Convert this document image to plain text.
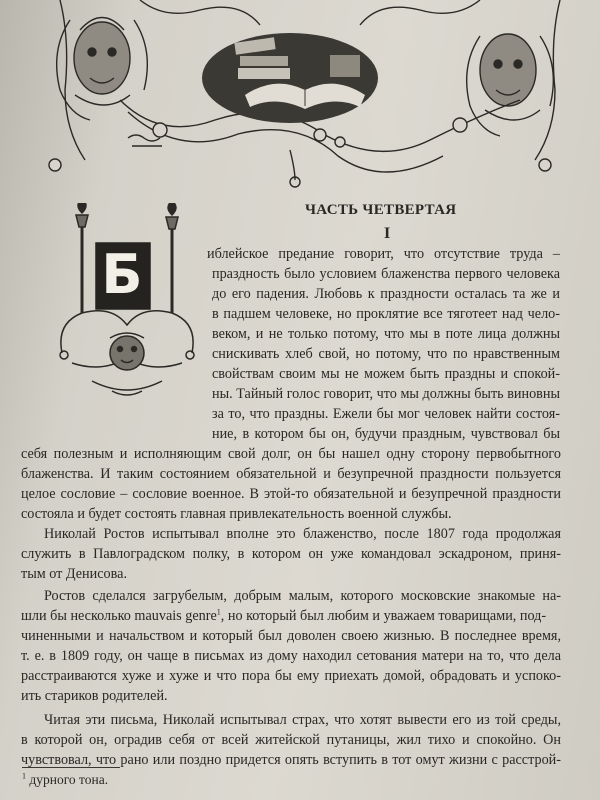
Б
ЧАСТЬ ЧЕТВЕРТАЯ
I

иблейское предание говорит, что отсутствие труда –

праздность было условием блаженства первого человека

до его падения. Любовь к праздности осталась та же и

в падшем человеке, но проклятие все тяготеет над чело-

веком, и не только потому, что мы в поте лица должны

снискивать хлеб свой, но потому, что по нравственным

свойствам своим мы не можем быть праздны и спокой-

ны. Тайный голос говорит, что мы должны быть виновны

за то, что праздны. Ежели бы мог человек найти состоя-

ние, в котором бы он, будучи праздным, чувствовал бы

себя полезным и исполняющим свой долг, он бы нашел одну сторону первобытного

блаженства. И таким состоянием обязательной и безупречной праздности пользуется

целое сословие – сословие военное. В этой-то обязательной и безупречной праздности

состояла и будет состоять главная привлекательность военной службы.

Николай Ростов испытывал вполне это блаженство, после 1807 года продолжая

служить в Павлоградском полку, в котором он уже командовал эскадроном, приня-

тым от Денисова.

Ростов сделался загрубелым, добрым малым, которого московские знакомые на-

шли бы несколько mauvais genre$^1$, но который был любим и уважаем товарищами, под-

чиненными и начальством и который был доволен своею жизнью. В последнее время,

т. е. в 1809 году, он чаще в письмах из дому находил сетования матери на то, что дела

расстраиваются хуже и хуже и что пора бы ему приехать домой, обрадовать и успоко-

ить стариков родителей.

Читая эти письма, Николай испытывал страх, что хотят вывести его из той среды,

в которой он, оградив себя от всей житейской путаницы, жил тихо и спокойно. Он

чувствовал, что рано или поздно придется опять вступить в тот омут жизни с расстрой-

$^1$ дурного тона.
